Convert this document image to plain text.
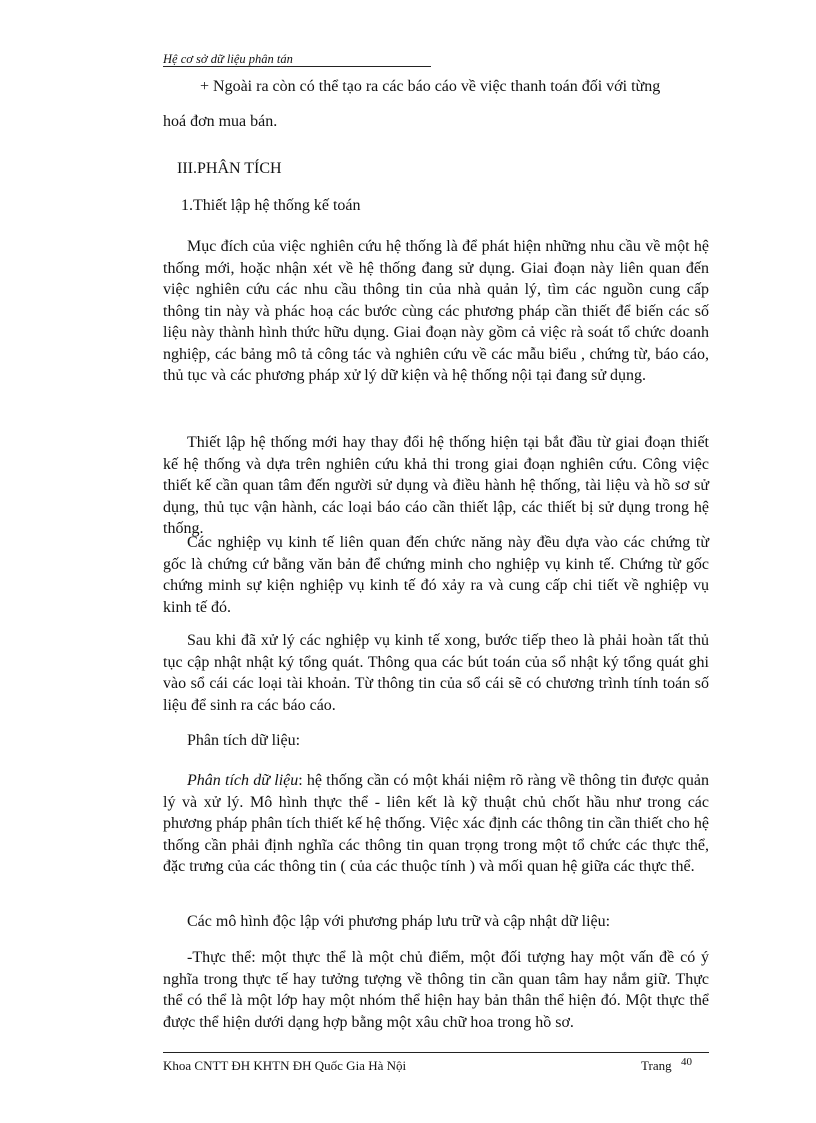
Hệ cơ sở dữ liệu phân tán

+ Ngoài ra còn có thể tạo ra các báo cáo về việc thanh toán đối với từng

hoá đơn mua bán.

III.PHÂN TÍCH

1.Thiết lập hệ thống kế toán

Mục đích của việc nghiên cứu hệ thống là để phát hiện những nhu cầu về một hệ thống mới, hoặc nhận xét về hệ thống đang sử dụng. Giai đoạn này liên quan đến việc nghiên cứu các nhu cầu thông tin của nhà quản lý, tìm các nguồn cung cấp thông tin này và phác hoạ các bước cùng các phương pháp cần thiết để biến các số liệu này thành hình thức hữu dụng. Giai đoạn này gồm cả việc rà soát tổ chức doanh nghiệp, các bảng mô tả công tác và nghiên cứu về các mẫu biểu , chứng từ, báo cáo, thủ tục và các phương pháp xử lý dữ kiện và hệ thống nội tại đang sử dụng.

Thiết lập hệ thống mới hay thay đổi hệ thống hiện tại bắt đầu từ giai đoạn thiết kế hệ thống và dựa trên nghiên cứu khả thi trong giai đoạn nghiên cứu. Công việc thiết kế cần quan tâm đến người sử dụng và điều hành hệ thống, tài liệu và hồ sơ sử dụng, thủ tục vận hành, các loại báo cáo cần thiết lập, các thiết bị sử dụng trong hệ thống.

Các nghiệp vụ kinh tế liên quan đến chức năng này đều dựa vào các chứng từ gốc là chứng cứ bằng văn bản để chứng minh cho nghiệp vụ kinh tế. Chứng từ gốc chứng minh sự kiện nghiệp vụ kinh tế đó xảy ra và cung cấp chi tiết về nghiệp vụ kinh tế đó.

Sau khi đã xử lý các nghiệp vụ kinh tế xong, bước tiếp theo là phải hoàn tất thủ tục cập nhật nhật ký tổng quát. Thông qua các bút toán của sổ nhật ký tổng quát ghi vào sổ cái các loại tài khoản. Từ thông tin của sổ cái sẽ có chương trình tính toán số liệu để sinh ra các báo cáo.

Phân tích dữ liệu:

Phân tích dữ liệu: hệ thống cần có một khái niệm rõ ràng về thông tin được quản lý và xử lý. Mô hình thực thể - liên kết là kỹ thuật chủ chốt hầu như trong các phương pháp phân tích thiết kế hệ thống. Việc xác định các thông tin cần thiết cho hệ thống cần phải định nghĩa các thông tin quan trọng trong một tổ chức các thực thể, đặc trưng của các thông tin ( của các thuộc tính ) và mối quan hệ giữa các thực thể.

Các mô hình độc lập với phương pháp lưu trữ và cập nhật dữ liệu:

-Thực thể: một thực thể là một chủ điểm, một đối tượng hay một vấn đề có ý nghĩa trong thực tế hay tưởng tượng về thông tin cần quan tâm hay nắm giữ. Thực thể có thể là một lớp hay một nhóm thể hiện hay bản thân thể hiện đó. Một thực thể được thể hiện dưới dạng hợp bằng một xâu chữ hoa trong hồ sơ.

Khoa CNTT ĐH KHTN ĐH Quốc Gia Hà Nội	Trang 40
